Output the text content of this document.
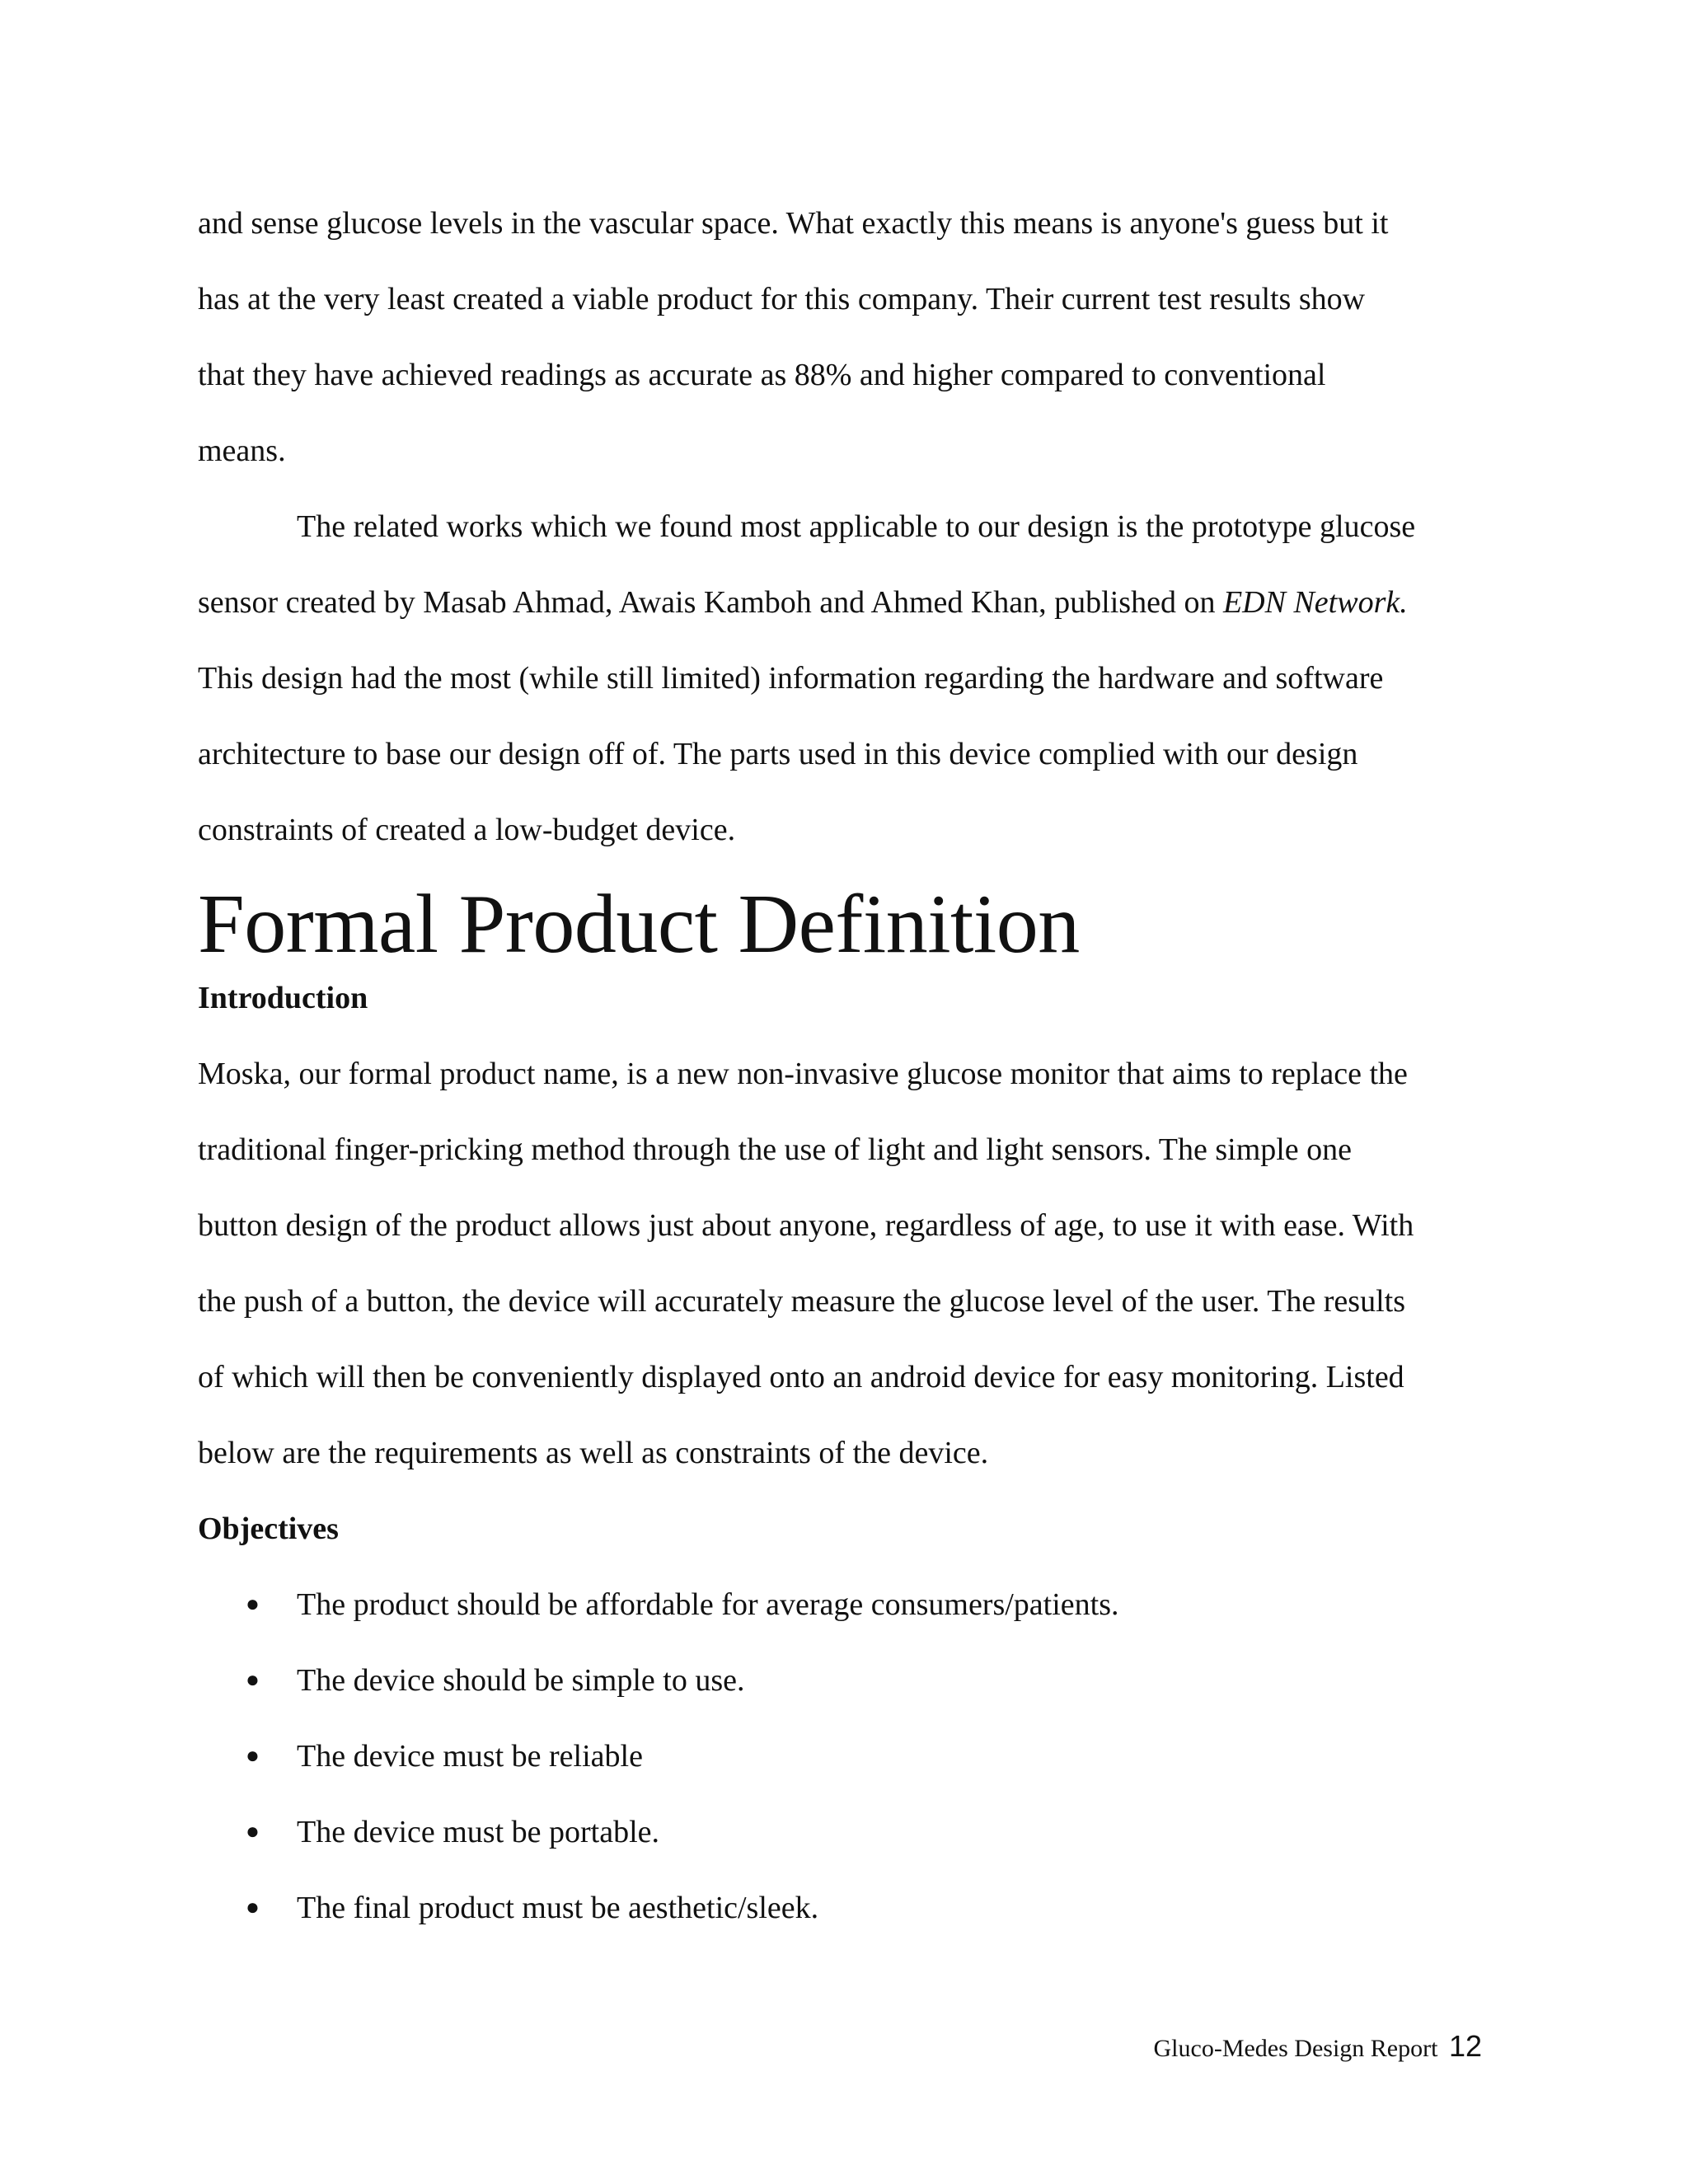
and sense glucose levels in the vascular space. What exactly this means is anyone's guess but it
has at the very least created a viable product for this company. Their current test results show
that they have achieved readings as accurate as 88% and higher compared to conventional
means.
The related works which we found most applicable to our design is the prototype glucose
sensor created by Masab Ahmad, Awais Kamboh and Ahmed Khan, published on EDN Network.
This design had the most (while still limited) information regarding the hardware and software
architecture to base our design off of. The parts used in this device complied with our design
constraints of created a low-budget device.
Formal Product Definition
Introduction
Moska, our formal product name, is a new non-invasive glucose monitor that aims to replace the
traditional finger-pricking method through the use of light and light sensors. The simple one
button design of the product allows just about anyone, regardless of age, to use it with ease. With
the push of a button, the device will accurately measure the glucose level of the user. The results
of which will then be conveniently displayed onto an android device for easy monitoring. Listed
below are the requirements as well as constraints of the device.
Objectives
● The product should be affordable for average consumers/patients.
● The device should be simple to use.
● The device must be reliable
● The device must be portable.
● The final product must be aesthetic/sleek.
Gluco-Medes Design Report 12
